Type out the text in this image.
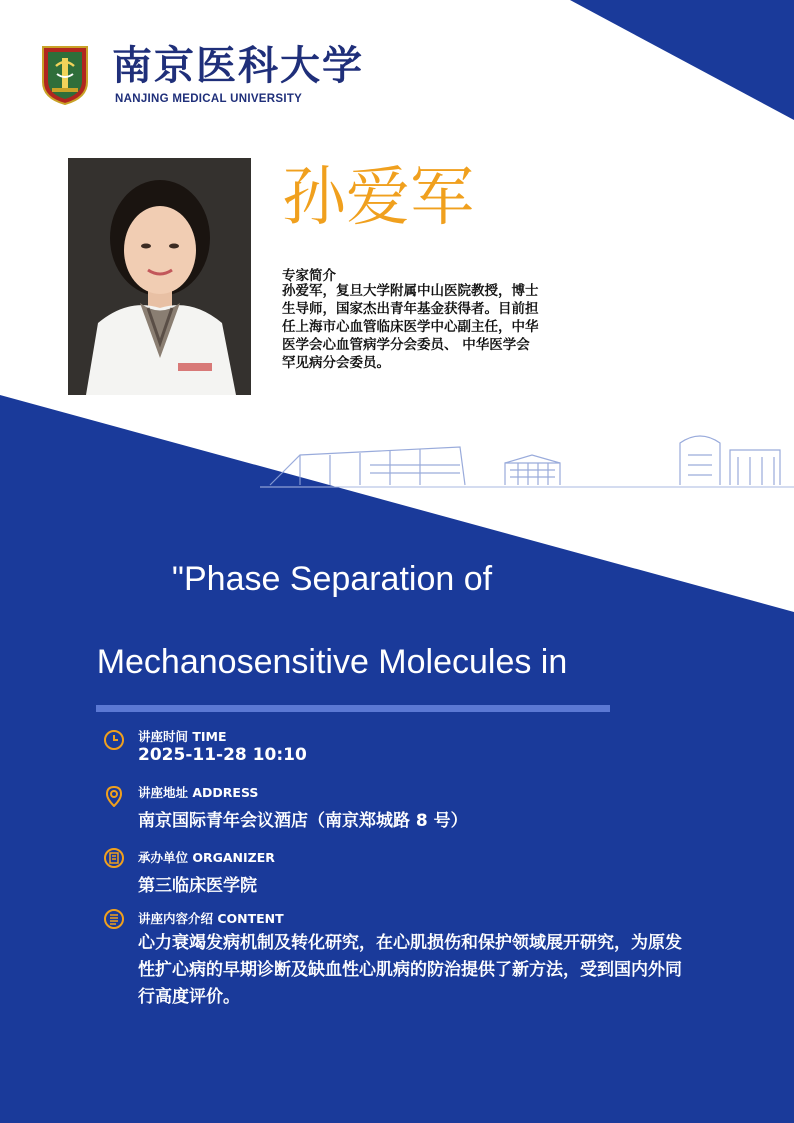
南京医科大学
NANJING MEDICAL UNIVERSITY
孙爱军
专家简介
孙爱军，复旦大学附属中山医院教授，博士
生导师，国家杰出青年基金获得者。目前担
任上海市心血管临床医学中心副主任，中华
医学会心血管病学分会委员、 中华医学会
罕见病分会委员。
"Phase Separation of
Mechanosensitive Molecules in
讲座时间 TIME
2025-11-28 10:10
讲座地址 ADDRESS
南京国际青年会议酒店（南京郑城路 8 号）
承办单位 ORGANIZER
第三临床医学院
讲座内容介绍 CONTENT
心力衰竭发病机制及转化研究，在心肌损伤和保护领域展开研究，为原发
性扩心病的早期诊断及缺血性心肌病的防治提供了新方法，受到国内外同
行高度评价。
